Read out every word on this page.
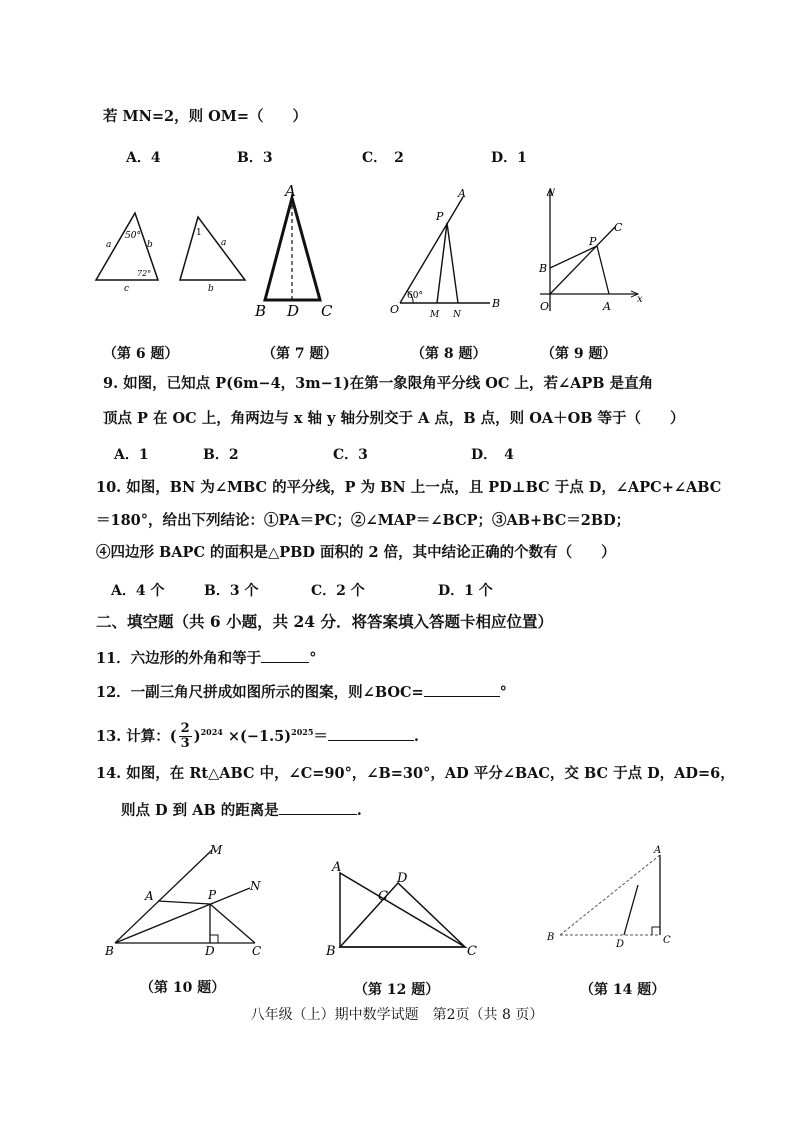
若 MN=2，则 OM=（　　）
A．4	B．3	C．　2	D．1
50°
72°
a	b
c
1
a
b
A
B D C
A
P
O	B
M N
60°
y
x
C
P
B
O	A
（第 6 题）	（第 7 题）	（第 8 题）	（第 9 题）
9. 如图，已知点 P(6m−4，3m−1)在第一象限角平分线 OC 上，若∠APB 是直角
顶点 P 在 OC 上，角两边与 x 轴 y 轴分别交于 A 点，B 点，则 OA＋OB 等于（　　）
A．1	B．2	C．3	D．　4
10. 如图，BN 为∠MBC 的平分线，P 为 BN 上一点，且 PD⊥BC 于点 D，∠APC+∠ABC
＝180°，给出下列结论：①PA＝PC；②∠MAP＝∠BCP；③AB+BC＝2BD；
④四边形 BAPC 的面积是△PBD 面积的 2 倍，其中结论正确的个数有（　　）
A．4 个	B．3 个	C．2 个	D．1 个
二、填空题（共 6 小题，共 24 分．将答案填入答题卡相应位置）
11．六边形的外角和等于	°
12．一副三角尺拼成如图所示的图案，则∠BOC=	°
13. 计算：( $\frac{2}{3} )^{2024} \times(-1.5)^{2025}=$	.
14. 如图，在 Rt△ABC 中，∠C=90°，∠B=30°，AD 平分∠BAC，交 BC 于点 D，AD=6，
则点 D 到 AB 的距离是	.
M
A	P
N
B	D	C
A
C
D
B	C
A
B
D	C
（第 10 题）	（第 12 题）	（第 14 题）
八年级（上）期中数学试题　第2页（共 8 页）
